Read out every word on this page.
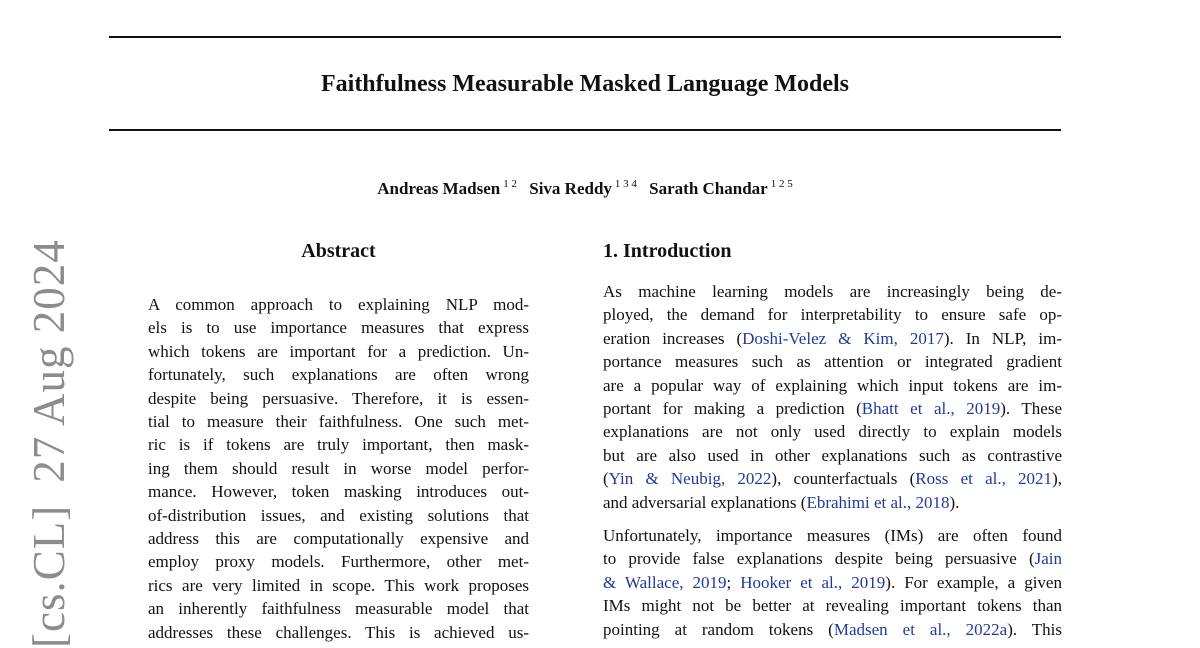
Faithfulness Measurable Masked Language Models
Andreas Madsen $^{1 2}$ Siva Reddy $^{1 3 4}$ Sarath Chandar $^{1 2 5}$
[cs.CL]27 Aug 2024	Abstract
A common approach to explaining NLP mod-
els is to use importance measures that express
which tokens are important for a prediction. Un-
fortunately, such explanations are often wrong
despite being persuasive. Therefore, it is essen-
tial to measure their faithfulness. One such met-
ric is if tokens are truly important, then mask-
ing them should result in worse model perfor-
mance. However, token masking introduces out-
of-distribution issues, and existing solutions that
address this are computationally expensive and
employ proxy models. Furthermore, other met-
rics are very limited in scope. This work proposes
an inherently faithfulness measurable model that
addresses these challenges. This is achieved us-
1. Introduction
As machine learning models are increasingly being de-
ployed, the demand for interpretability to ensure safe op-
eration increases (Doshi-Velez & Kim, 2017). In NLP, im-
portance measures such as attention or integrated gradient
are a popular way of explaining which input tokens are im-
portant for making a prediction (Bhatt et al., 2019). These
explanations are not only used directly to explain models
but are also used in other explanations such as contrastive
(Yin & Neubig, 2022), counterfactuals (Ross et al., 2021),
and adversarial explanations (Ebrahimi et al., 2018).
Unfortunately, importance measures (IMs) are often found
to provide false explanations despite being persuasive (Jain
& Wallace, 2019; Hooker et al., 2019). For example, a given
IMs might not be better at revealing important tokens than
pointing at random tokens (Madsen et al., 2022a). This
